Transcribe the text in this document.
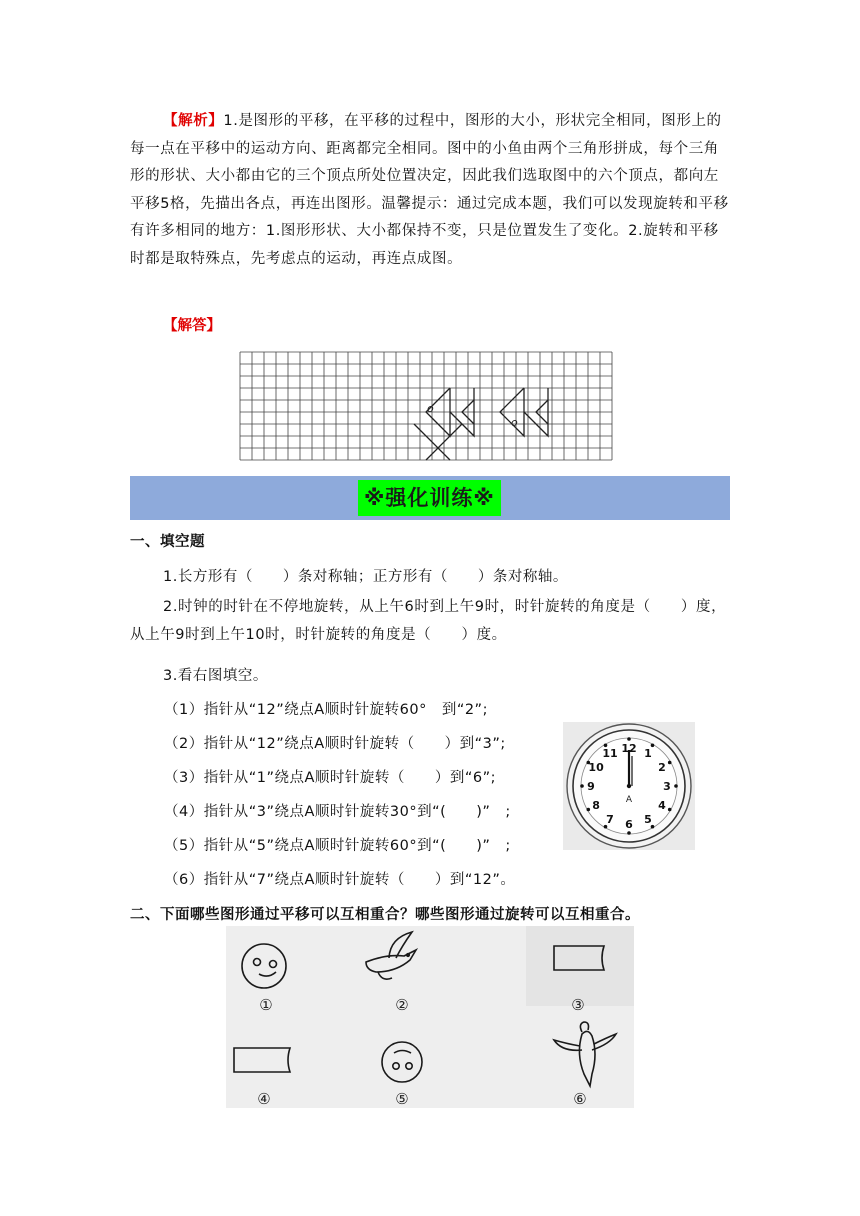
【解析】1.是图形的平移，在平移的过程中，图形的大小，形状完全相同，图形上的每一点在平移中的运动方向、距离都完全相同。图中的小鱼由两个三角形拼成，每个三角形的形状、大小都由它的三个顶点所处位置决定，因此我们选取图中的六个顶点，都向左平移5格，先描出各点，再连出图形。温馨提示：通过完成本题，我们可以发现旋转和平移有许多相同的地方：1.图形形状、大小都保持不变，只是位置发生了变化。2.旋转和平移时都是取特殊点，先考虑点的运动，再连点成图。

【解答】
o
o
※强化训练※
一、填空题
1.长方形有（　　）条对称轴；正方形有（　　）条对称轴。

2.时钟的时针在不停地旋转，从上午6时到上午9时，时针旋转的角度是（　　）度，从上午9时到上午10时，时针旋转的角度是（　　）度。

3.看右图填空。
（1）指针从“12”绕点A顺时针旋转60°　到“2”;
（2）指针从“12”绕点A顺时针旋转（　　）到“3”;
（3）指针从“1”绕点A顺时针旋转（　　）到“6”;
（4）指针从“3”绕点A顺时针旋转30°到“(　　)”　;
（5）指针从“5”绕点A顺时针旋转60°到“(　　)”　;
（6）指针从“7”绕点A顺时针旋转（　　）到“12”。
12 1
2
3
4
5
6
7
8
9
10
11
A
二、下面哪些图形通过平移可以互相重合？哪些图形通过旋转可以互相重合。
①	②	③
④	⑤	⑥
